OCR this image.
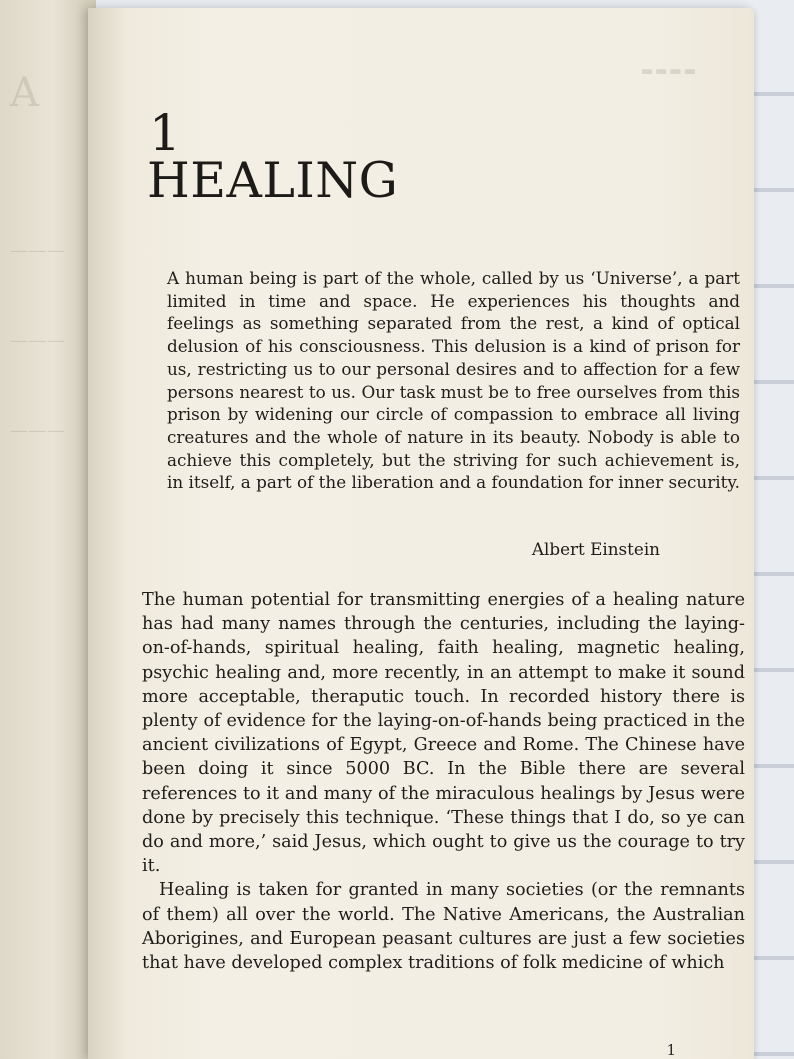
A
———
———
———
▬▬▬▬
1
HEALING

A human being is part of the whole, called by us ‘Universe’, a part limited in time and space. He experiences his thoughts and feelings as something separated from the rest, a kind of optical delusion of his consciousness. This delusion is a kind of prison for us, restricting us to our personal desires and to affection for a few persons nearest to us. Our task must be to free ourselves from this prison by widening our circle of compassion to embrace all living creatures and the whole of nature in its beauty. Nobody is able to achieve this completely, but the striving for such achievement is, in itself, a part of the liberation and a foundation for inner security.

Albert Einstein

The human potential for transmitting energies of a healing nature has had many names through the centuries, including the laying-on-of-hands, spiritual healing, faith healing, magnetic healing, psychic healing and, more recently, in an attempt to make it sound more acceptable, theraputic touch. In recorded history there is plenty of evidence for the laying-on-of-hands being practiced in the ancient civilizations of Egypt, Greece and Rome. The Chinese have been doing it since 5000 BC. In the Bible there are several references to it and many of the miraculous healings by Jesus were done by precisely this technique. ‘These things that I do, so ye can do and more,’ said Jesus, which ought to give us the courage to try it.

Healing is taken for granted in many societies (or the remnants of them) all over the world. The Native Americans, the Australian Aborigines, and European peasant cultures are just a few societies that have developed complex traditions of folk medicine of which

1
